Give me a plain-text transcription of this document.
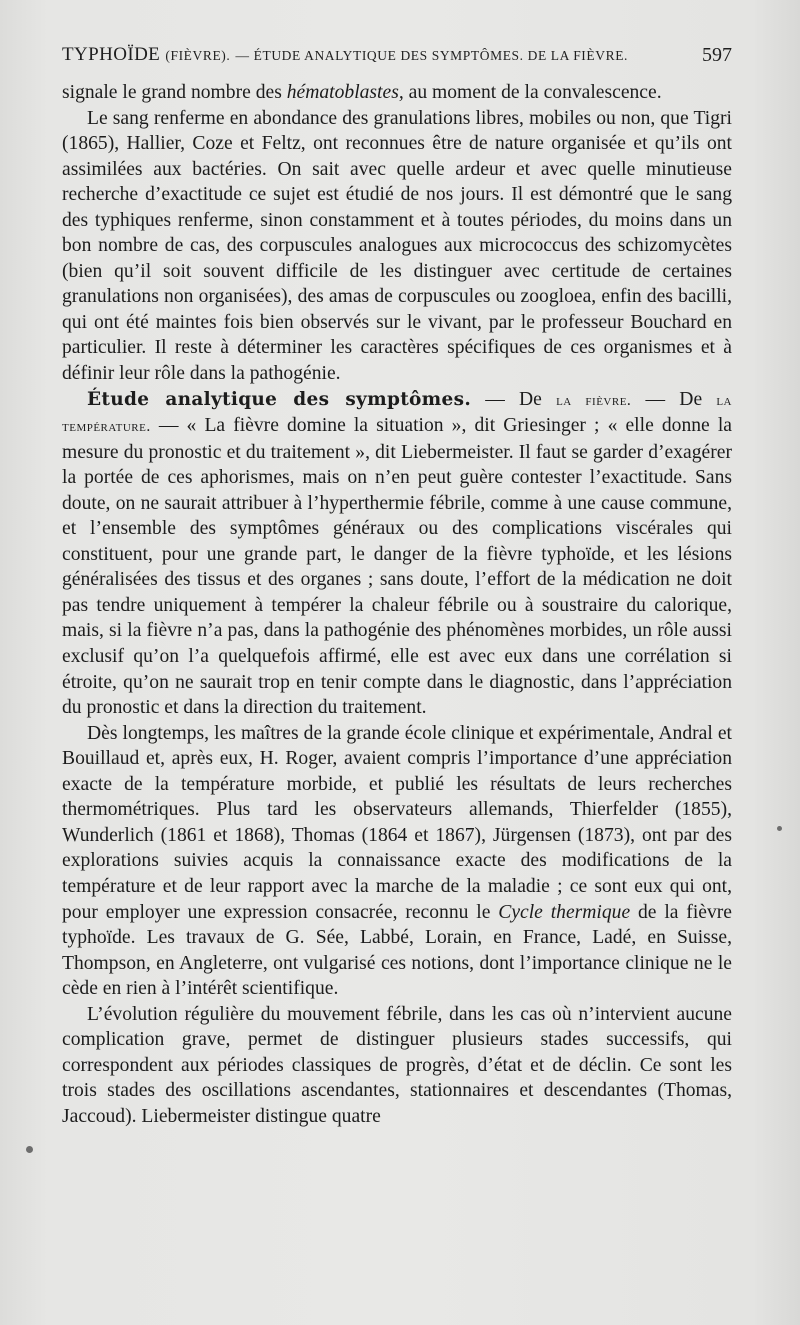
TYPHOÏDE (FIÈVRE). — ÉTUDE ANALYTIQUE DES SYMPTÔMES. DE LA FIÈVRE.	597

signale le grand nombre des hématoblastes, au moment de la convalescence.

Le sang renferme en abondance des granulations libres, mobiles ou non, que Tigri (1865), Hallier, Coze et Feltz, ont reconnues être de nature organisée et qu’ils ont assimilées aux bactéries. On sait avec quelle ardeur et avec quelle minutieuse recherche d’exactitude ce sujet est étudié de nos jours. Il est démontré que le sang des typhiques renferme, sinon constamment et à toutes périodes, du moins dans un bon nombre de cas, des corpuscules analogues aux micrococcus des schizomycètes (bien qu’il soit souvent difficile de les distinguer avec certitude de certaines granulations non organisées), des amas de corpuscules ou zoogloea, enfin des bacilli, qui ont été maintes fois bien observés sur le vivant, par le professeur Bouchard en particulier. Il reste à déterminer les caractères spécifiques de ces organismes et à définir leur rôle dans la pathogénie.

Étude analytique des symptômes. — De la fièvre. — De la température. — « La fièvre domine la situation », dit Griesinger ; « elle donne la mesure du pronostic et du traitement », dit Liebermeister. Il faut se garder d’exagérer la portée de ces aphorismes, mais on n’en peut guère contester l’exactitude. Sans doute, on ne saurait attribuer à l’hyperthermie fébrile, comme à une cause commune, et l’ensemble des symptômes généraux ou des complications viscérales qui constituent, pour une grande part, le danger de la fièvre typhoïde, et les lésions généralisées des tissus et des organes ; sans doute, l’effort de la médication ne doit pas tendre uniquement à tempérer la chaleur fébrile ou à soustraire du calorique, mais, si la fièvre n’a pas, dans la pathogénie des phénomènes morbides, un rôle aussi exclusif qu’on l’a quelquefois affirmé, elle est avec eux dans une corrélation si étroite, qu’on ne saurait trop en tenir compte dans le diagnostic, dans l’appréciation du pronostic et dans la direction du traitement.

Dès longtemps, les maîtres de la grande école clinique et expérimentale, Andral et Bouillaud et, après eux, H. Roger, avaient compris l’importance d’une appréciation exacte de la température morbide, et publié les résultats de leurs recherches thermométriques. Plus tard les observateurs allemands, Thierfelder (1855), Wunderlich (1861 et 1868), Thomas (1864 et 1867), Jürgensen (1873), ont par des explorations suivies acquis la connaissance exacte des modifications de la température et de leur rapport avec la marche de la maladie ; ce sont eux qui ont, pour employer une expression consacrée, reconnu le Cycle thermique de la fièvre typhoïde. Les travaux de G. Sée, Labbé, Lorain, en France, Ladé, en Suisse, Thompson, en Angleterre, ont vulgarisé ces notions, dont l’importance clinique ne le cède en rien à l’intérêt scientifique.

L’évolution régulière du mouvement fébrile, dans les cas où n’intervient aucune complication grave, permet de distinguer plusieurs stades successifs, qui correspondent aux périodes classiques de progrès, d’état et de déclin. Ce sont les trois stades des oscillations ascendantes, stationnaires et descendantes (Thomas, Jaccoud). Liebermeister distingue quatre
